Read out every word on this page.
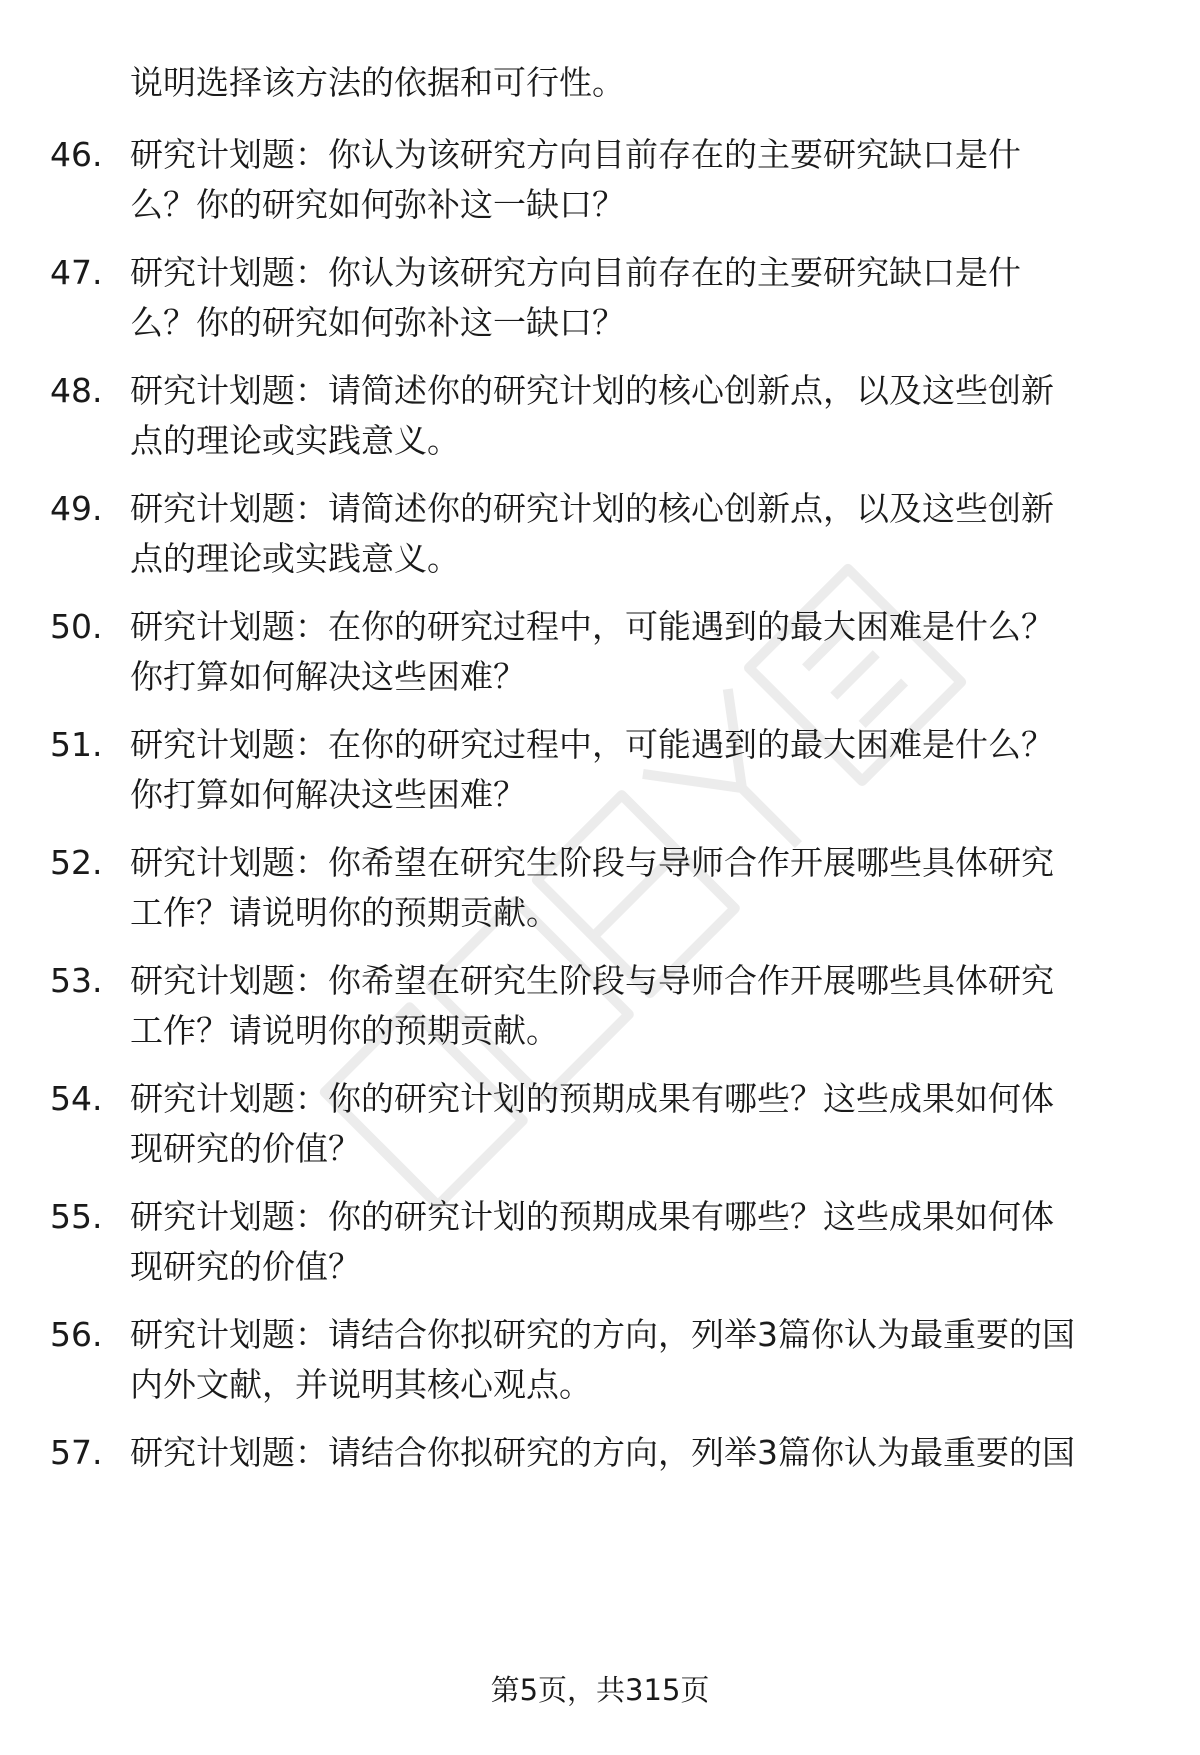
说明选择该方法的依据和可行性。
46. 研究计划题：你认为该研究方向目前存在的主要研究缺口是什
么？你的研究如何弥补这一缺口？
47. 研究计划题：你认为该研究方向目前存在的主要研究缺口是什
么？你的研究如何弥补这一缺口？
48. 研究计划题：请简述你的研究计划的核心创新点，以及这些创新
点的理论或实践意义。
49. 研究计划题：请简述你的研究计划的核心创新点，以及这些创新
点的理论或实践意义。
50. 研究计划题：在你的研究过程中，可能遇到的最大困难是什么？
你打算如何解决这些困难？
51. 研究计划题：在你的研究过程中，可能遇到的最大困难是什么？
你打算如何解决这些困难？
52. 研究计划题：你希望在研究生阶段与导师合作开展哪些具体研究
工作？请说明你的预期贡献。
53. 研究计划题：你希望在研究生阶段与导师合作开展哪些具体研究
工作？请说明你的预期贡献。
54. 研究计划题：你的研究计划的预期成果有哪些？这些成果如何体
现研究的价值？
55. 研究计划题：你的研究计划的预期成果有哪些？这些成果如何体
现研究的价值？
56. 研究计划题：请结合你拟研究的方向，列举3篇你认为最重要的国
内外文献，并说明其核心观点。
57. 研究计划题：请结合你拟研究的方向，列举3篇你认为最重要的国
第5页，共315页
